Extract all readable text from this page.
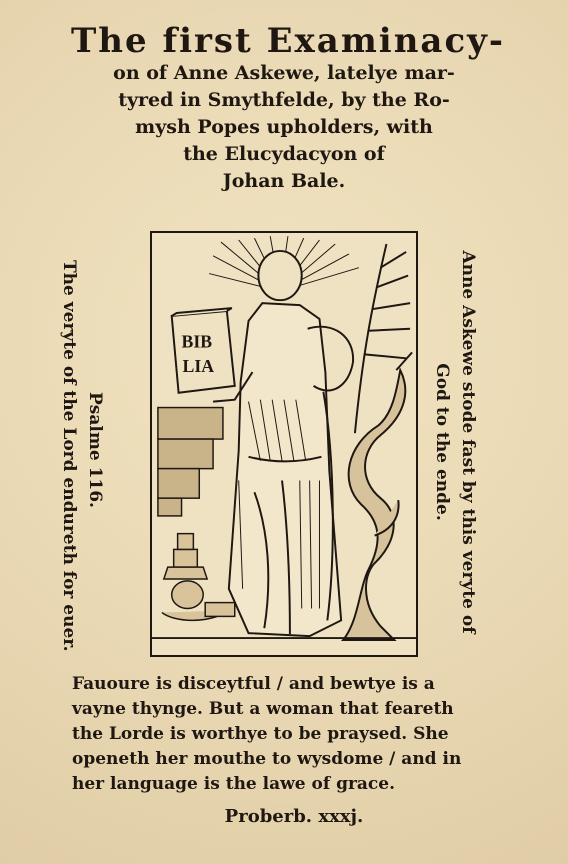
The first Examinacy-

on of Anne Askewe, latelye mar-

tyred in Smythfelde, by the Ro-

mysh Popes upholders, with

the Elucydacyon of

Johan Bale.

Psalme 116.
The veryte of the Lord endureth for euer.	BIB
LIA	Anne Askewe stode fast by this veryte of
God to the ende.

Fauoure is disceytful / and bewtye is a

vayne thynge. But a woman that feareth

the Lorde is worthye to be praysed. She

openeth her mouthe to wysdome / and in

her language is the lawe of grace.

Proberb. xxxj.
